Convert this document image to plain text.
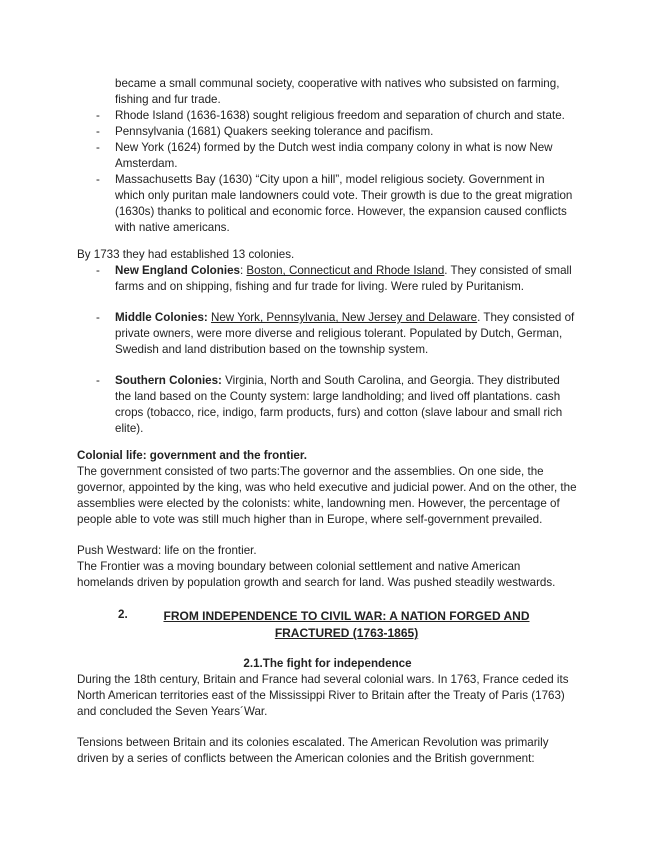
became a small communal society, cooperative with natives who subsisted on farming, fishing and fur trade.

- Rhode Island (1636-1638) sought religious freedom and separation of church and state.
- Pennsylvania (1681) Quakers seeking tolerance and pacifism.
- New York (1624) formed by the Dutch west india company colony in what is now New Amsterdam.
- Massachusetts Bay (1630) “City upon a hill”, model religious society. Government in which only puritan male landowners could vote. Their growth is due to the great migration (1630s) thanks to political and economic force. However, the expansion caused conflicts with native americans.

By 1733 they had established 13 colonies.

- New England Colonies: Boston, Connecticut and Rhode Island. They consisted of small farms and on shipping, fishing and fur trade for living. Were ruled by Puritanism.
- Middle Colonies: New York, Pennsylvania, New Jersey and Delaware. They consisted of private owners, were more diverse and religious tolerant. Populated by Dutch, German, Swedish and land distribution based on the township system.
- Southern Colonies: Virginia, North and South Carolina, and Georgia. They distributed the land based on the County system: large landholding; and lived off plantations. cash crops (tobacco, rice, indigo, farm products, furs) and cotton (slave labour and small rich elite).

Colonial life: government and the frontier.

The government consisted of two parts:The governor and the assemblies. On one side, the governor, appointed by the king, was who held executive and judicial power. And on the other, the assemblies were elected by the colonists: white, landowning men. However, the percentage of people able to vote was still much higher than in Europe, where self-government prevailed.

Push Westward: life on the frontier.

The Frontier was a moving boundary between colonial settlement and native American homelands driven by population growth and search for land. Was pushed steadily westwards.

2.	FROM INDEPENDENCE TO CIVIL WAR: A NATION FORGED AND
FRACTURED (1763-1865)

2.1.The fight for independence

During the 18th century, Britain and France had several colonial wars. In 1763, France ceded its North American territories east of the Mississippi River to Britain after the Treaty of Paris (1763) and concluded the Seven Years´War.

Tensions between Britain and its colonies escalated. The American Revolution was primarily driven by a series of conflicts between the American colonies and the British government:
